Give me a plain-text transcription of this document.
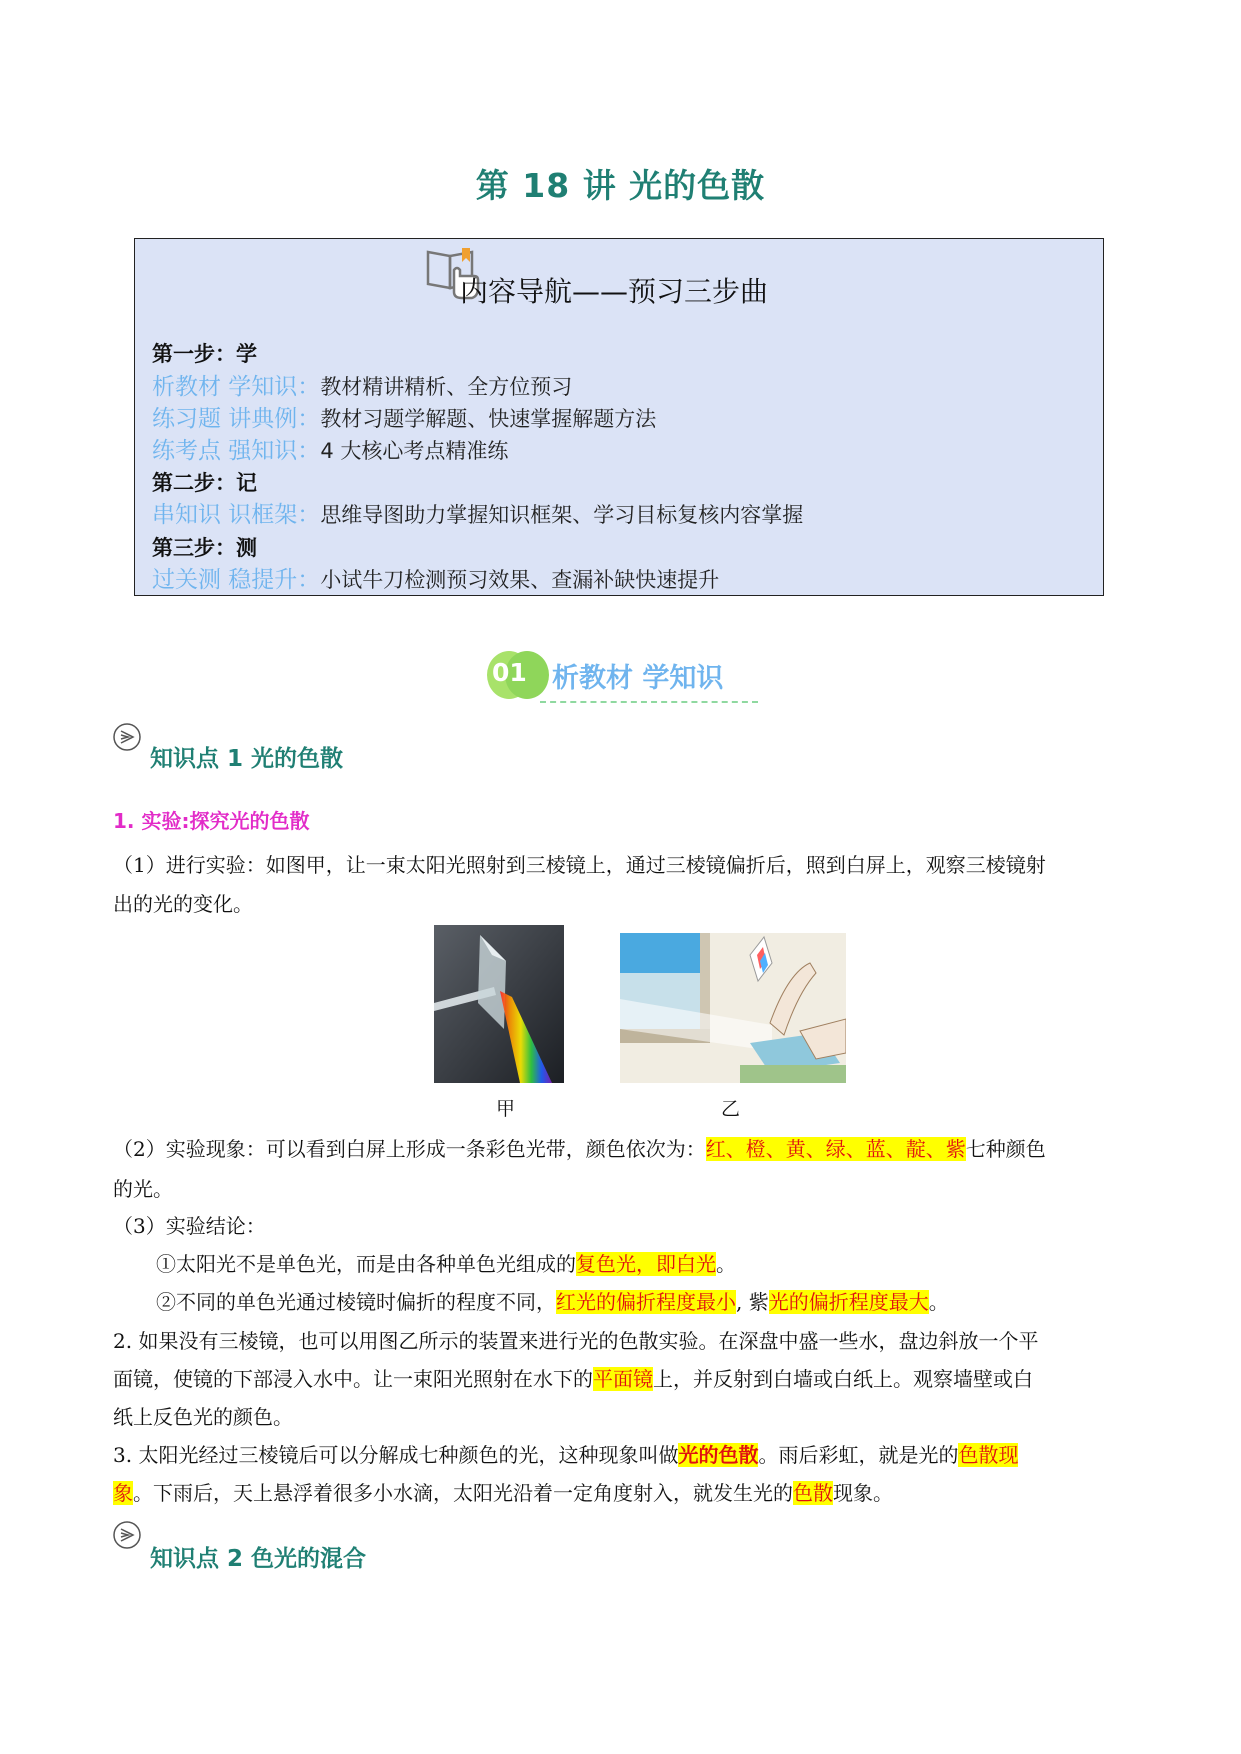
第 18 讲 光的色散
内容导航——预习三步曲
第一步：学
析教材 学知识：教材精讲精析、全方位预习
练习题 讲典例：教材习题学解题、快速掌握解题方法
练考点 强知识：4 大核心考点精准练
第二步：记
串知识 识框架：思维导图助力掌握知识框架、学习目标复核内容掌握
第三步：测
过关测 稳提升：小试牛刀检测预习效果、查漏补缺快速提升
01 析教材 学知识
知识点 1 光的色散
1. 实验:探究光的色散
（1）进行实验：如图甲，让一束太阳光照射到三棱镜上，通过三棱镜偏折后，照到白屏上，观察三棱镜射
出的光的变化。
甲	乙
（2）实验现象：可以看到白屏上形成一条彩色光带，颜色依次为：红、橙、黄、绿、蓝、靛、紫七种颜色
的光。
（3）实验结论：
①太阳光不是单色光，而是由各种单色光组成的复色光，即白光。
②不同的单色光通过棱镜时偏折的程度不同，红光的偏折程度最小, 紫光的偏折程度最大。
2. 如果没有三棱镜，也可以用图乙所示的装置来进行光的色散实验。在深盘中盛一些水，盘边斜放一个平
面镜，使镜的下部浸入水中。让一束阳光照射在水下的平面镜上，并反射到白墙或白纸上。观察墙壁或白
纸上反色光的颜色。
3. 太阳光经过三棱镜后可以分解成七种颜色的光，这种现象叫做光的色散。雨后彩虹，就是光的色散现
象。下雨后，天上悬浮着很多小水滴，太阳光沿着一定角度射入，就发生光的色散现象。
知识点 2 色光的混合
